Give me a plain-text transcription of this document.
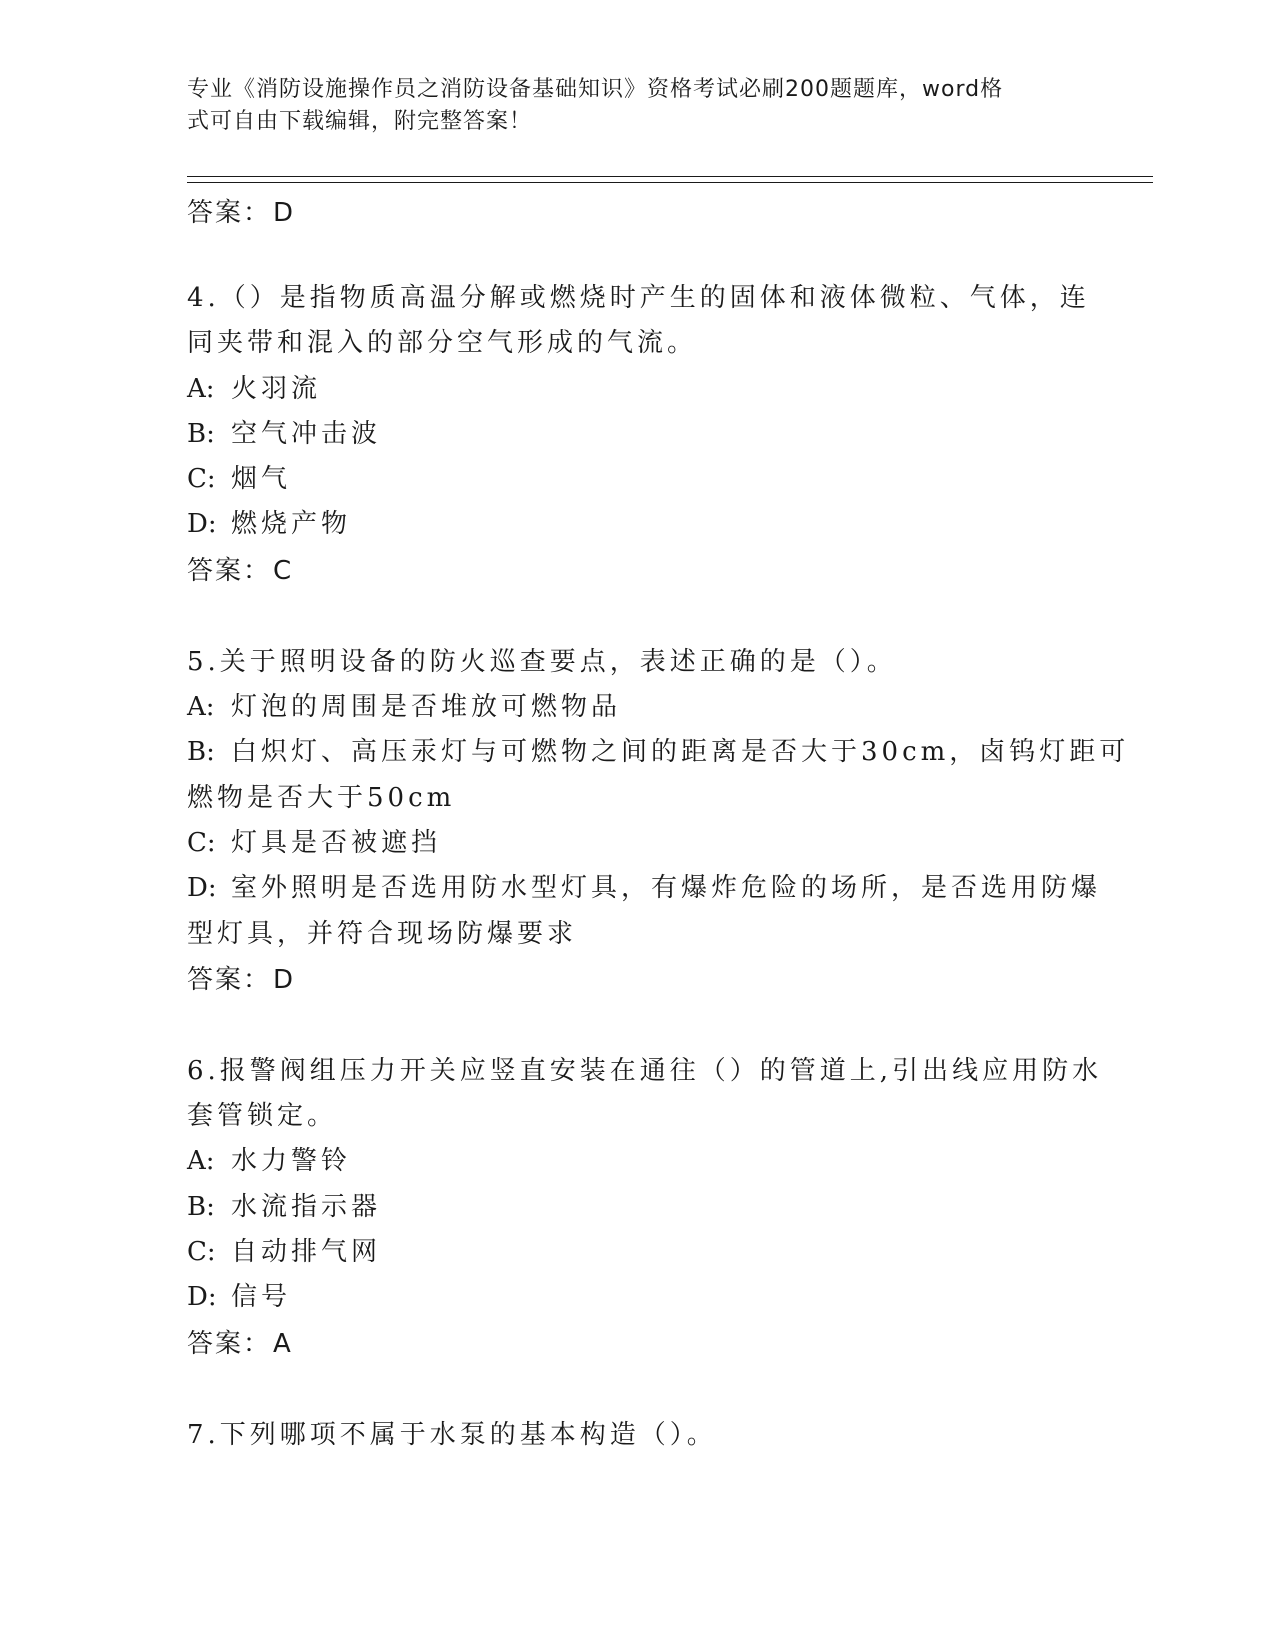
专业《消防设施操作员之消防设备基础知识》资格考试必刷200题题库，word格
式可自由下载编辑，附完整答案！
答案：D
4.（）是指物质高温分解或燃烧时产生的固体和液体微粒、气体，连
同夹带和混入的部分空气形成的气流。
A: 火羽流
B: 空气冲击波
C: 烟气
D: 燃烧产物
答案：C
5.关于照明设备的防火巡查要点，表述正确的是（）。
A: 灯泡的周围是否堆放可燃物品
B: 白炽灯、高压汞灯与可燃物之间的距离是否大于30cm，卤钨灯距可
燃物是否大于50cm
C: 灯具是否被遮挡
D: 室外照明是否选用防水型灯具，有爆炸危险的场所，是否选用防爆
型灯具，并符合现场防爆要求
答案：D
6.报警阀组压力开关应竖直安装在通往（）的管道上,引出线应用防水
套管锁定。
A: 水力警铃
B: 水流指示器
C: 自动排气网
D: 信号
答案：A
7.下列哪项不属于水泵的基本构造（）。
